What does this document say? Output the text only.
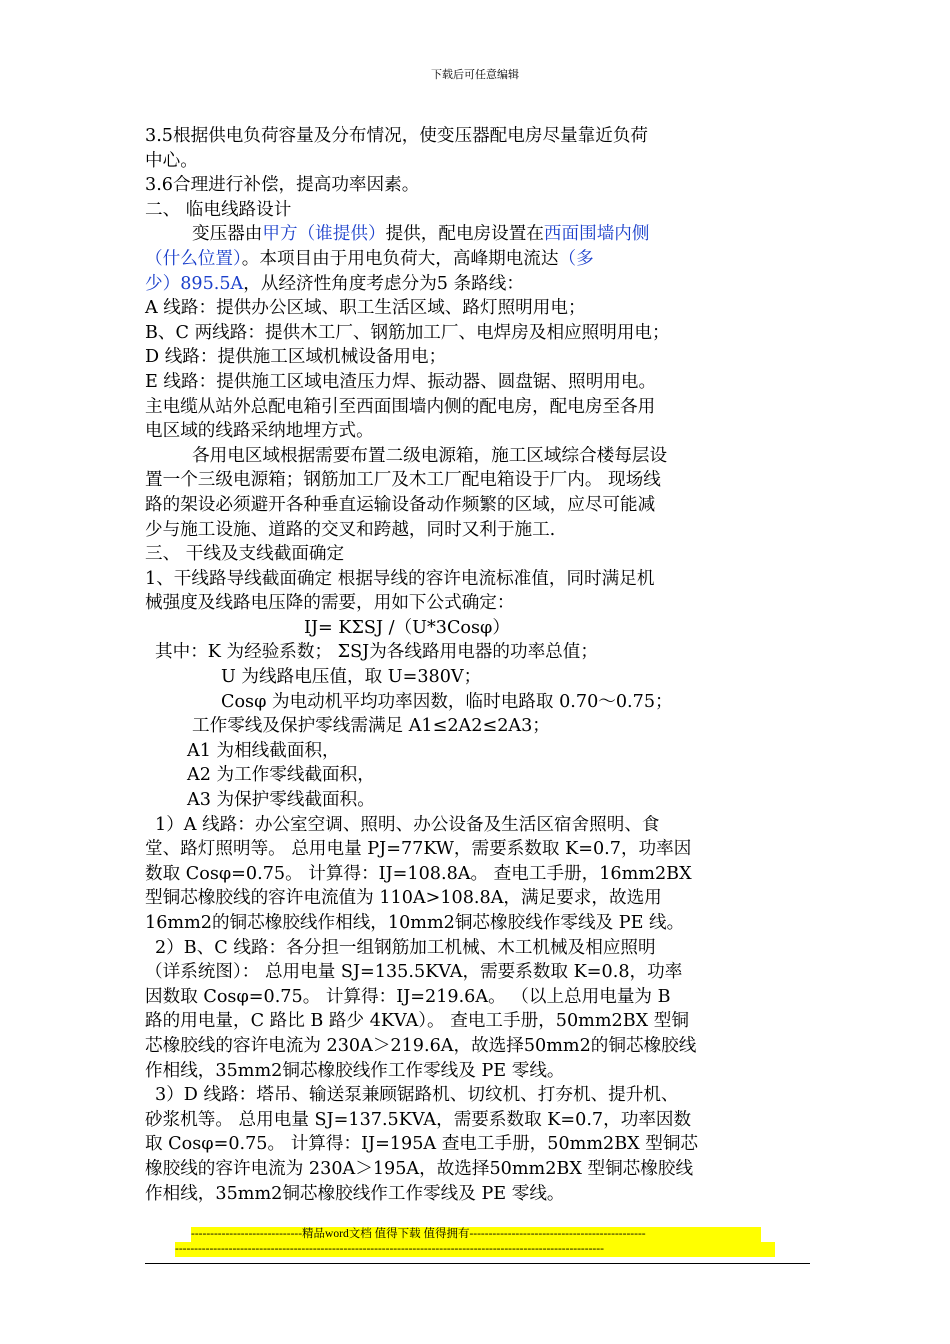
下载后可任意编辑
3.5根据供电负荷容量及分布情况，使变压器配电房尽量靠近负荷
中心。
3.6合理进行补偿，提高功率因素。
二、 临电线路设计
变压器由甲方（谁提供）提供，配电房设置在西面围墙内侧
（什么位置）。本项目由于用电负荷大，高峰期电流达（多
少）895.5A，从经济性角度考虑分为5 条路线：
A 线路：提供办公区域、职工生活区域、路灯照明用电；
B、C 两线路：提供木工厂、钢筋加工厂、电焊房及相应照明用电；
D 线路：提供施工区域机械设备用电；
E 线路：提供施工区域电渣压力焊、振动器、圆盘锯、照明用电。
主电缆从站外总配电箱引至西面围墙内侧的配电房，配电房至各用
电区域的线路采纳地埋方式。
各用电区域根据需要布置二级电源箱，施工区域综合楼每层设
置一个三级电源箱；钢筋加工厂及木工厂配电箱设于厂内。 现场线
路的架设必须避开各种垂直运输设备动作频繁的区域，应尽可能减
少与施工设施、道路的交叉和跨越，同时又利于施工.
三、 干线及支线截面确定
1、干线路导线截面确定 根据导线的容许电流标准值，同时满足机
械强度及线路电压降的需要，用如下公式确定：
IJ= KΣSJ /（U*3Cosφ）
其中：K 为经验系数； ΣSJ为各线路用电器的功率总值；
U 为线路电压值，取 U=380V；
Cosφ 为电动机平均功率因数，临时电路取 0.70～0.75；
工作零线及保护零线需满足 A1≤2A2≤2A3；
A1 为相线截面积，
A2 为工作零线截面积，
A3 为保护零线截面积。
1）A 线路：办公室空调、照明、办公设备及生活区宿舍照明、食
堂、路灯照明等。 总用电量 PJ=77KW，需要系数取 K=0.7，功率因
数取 Cosφ=0.75。 计算得：IJ=108.8A。 查电工手册，16mm2BX
型铜芯橡胶线的容许电流值为 110A>108.8A，满足要求，故选用
16mm2的铜芯橡胶线作相线，10mm2铜芯橡胶线作零线及 PE 线。
2）B、C 线路：各分担一组钢筋加工机械、木工机械及相应照明
（详系统图）： 总用电量 SJ=135.5KVA，需要系数取 K=0.8，功率
因数取 Cosφ=0.75。 计算得：IJ=219.6A。 （以上总用电量为 B
路的用电量，C 路比 B 路少 4KVA）。 查电工手册，50mm2BX 型铜
芯橡胶线的容许电流为 230A＞219.6A，故选择50mm2的铜芯橡胶线
作相线，35mm2铜芯橡胶线作工作零线及 PE 零线。
3）D 线路：塔吊、输送泵兼顾锯路机、切纹机、打夯机、提升机、
砂浆机等。 总用电量 SJ=137.5KVA，需要系数取 K=0.7，功率因数
取 Cosφ=0.75。 计算得：IJ=195A 查电工手册，50mm2BX 型铜芯
橡胶线的容许电流为 230A＞195A，故选择50mm2BX 型铜芯橡胶线
作相线，35mm2铜芯橡胶线作工作零线及 PE 零线。
-----------------------------精品word文档 值得下载 值得拥有----------------------------------------------
----------------------------------------------------------------------------------------------------------------
